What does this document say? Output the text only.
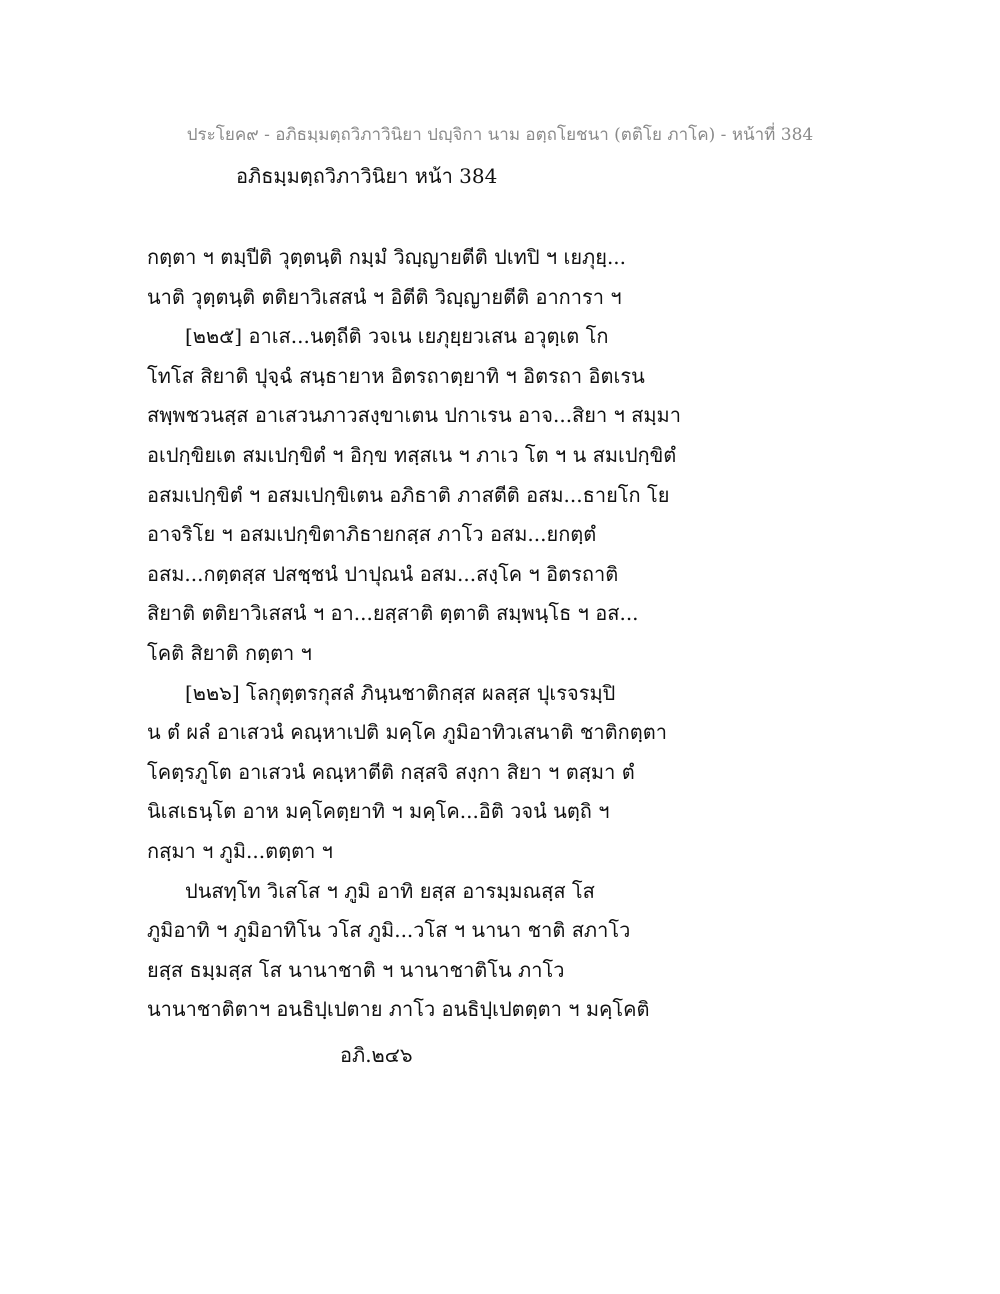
ประโยค๙ - อภิธมฺมตฺถวิภาวินิยา ปญฺจิกา นาม อตฺถโยชนา (ตติโย ภาโค) - หน้าที่ 384
อภิธมฺมตฺถวิภาวินิยา หน้า 384
กตฺตา ฯ ตมฺปีติ วุตฺตนฺติ กมฺมํ วิญฺญายตีติ ปเทปิ ฯ เยภุยฺ...
นาติ วุตฺตนฺติ ตติยาวิเสสนํ ฯ อิตีติ วิญฺญายตีติ อาการา ฯ
[๒๒๕] อาเส...นตฺถีติ วจเน เยภุยฺยวเสน อวุตฺเต โก
โทโส สิยาติ ปุจฺฉํ สนฺธายาห อิตรถาตฺยาทิ ฯ อิตรถา อิตเรน
สพฺพชวนสฺส อาเสวนภาวสงฺขาเตน ปกาเรน อาจ...สิยา ฯ สมฺมา
อเปกฺขิยเต สมเปกฺขิตํ ฯ อิกฺข ทสฺสเน ฯ ภาเว โต ฯ น สมเปกฺขิตํ
อสมเปกฺขิตํ ฯ อสมเปกฺขิเตน อภิธาติ ภาสตีติ อสม...ธายโก โย
อาจริโย ฯ อสมเปกฺขิตาภิธายกสฺส ภาโว อสม...ยกตฺตํ
อสม...กตฺตสฺส ปสชฺชนํ ปาปุณนํ อสม...สงฺโค ฯ อิตรถาติ
สิยาติ ตติยาวิเสสนํ ฯ อา...ยสฺสาติ ตฺตาติ สมฺพนฺโธ ฯ อส...
โคติ สิยาติ กตฺตา ฯ
[๒๒๖] โลกุตฺตรกุสลํ ภินฺนชาติกสฺส ผลสฺส ปุเรจรมฺปิ
น ตํ ผลํ อาเสวนํ คณฺหาเปติ มคฺโค ภูมิอาทิวเสนาติ ชาติกตฺตา
โคตฺรภูโต อาเสวนํ คณฺหาตีติ กสฺสจิ สงฺกา สิยา ฯ ตสฺมา ตํ
นิเสเธนฺโต อาห มคฺโคตฺยาทิ ฯ มคฺโค...อิติ วจนํ นตฺถิ ฯ
กสฺมา ฯ ภูมิ...ตตฺตา ฯ
ปนสทฺโท วิเสโส ฯ ภูมิ อาทิ ยสฺส อารมฺมณสฺส โส
ภูมิอาทิ ฯ ภูมิอาทิโน วโส ภูมิ...วโส ฯ นานา ชาติ สภาโว
ยสฺส ธมฺมสฺส โส นานาชาติ ฯ นานาชาติโน ภาโว
นานาชาติตาฯ อนธิปฺเปตาย ภาโว อนธิปฺเปตตฺตา ฯ มคฺโคติ
อภิ.๒๔๖
